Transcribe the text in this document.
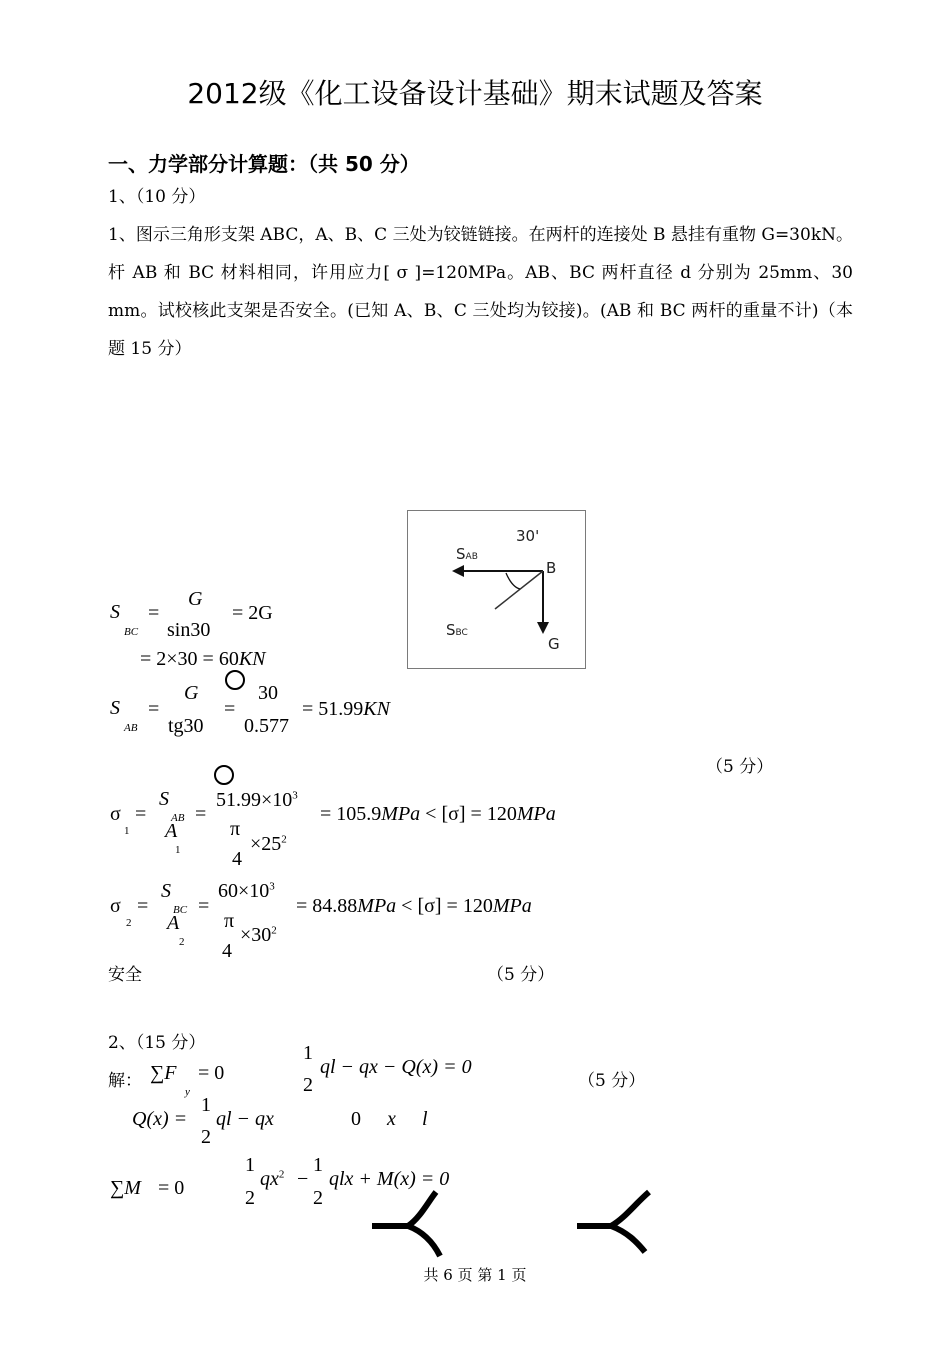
2012级《化工设备设计基础》期末试题及答案
一、力学部分计算题：（共 50 分）
1、（10 分）
1、图示三角形支架 ABC，A、B、C 三处为铰链链接。在两杆的连接处 B 悬挂有重物 G=30kN。杆 AB 和 BC 材料相同，许用应力[ σ ]=120MPa。AB、BC 两杆直径 d 分别为 25mm、30 mm。试校核此支架是否安全。(已知 A、B、C 三处均为铰接)。(AB 和 BC 两杆的重量不计)（本题 15 分）
30'
SAB
B
SBC
G
S
BC
=
G
sin30
= 2G
= 2×30 = 60KN
S
AB
=
G
tg30
=
30
0.577
= 51.99KN
（5 分）
σ
1
=
S
AB
A
1
=
$51.99\times 10^3$
π
4
$\times 25^2$
= 105.9MPa < [σ] = 120MPa
σ
2
=
S
BC
A
2
=
$60\times 10^3$
π
4
$\times 30^2$
= 84.88MPa < [σ] = 120MPa
安全	（5 分）
2、（15 分）
解： ∑F
y
= 0
1
2
ql − qx − Q(x) = 0
（5 分）
Q(x) =
1
2
ql − qx	0 x l
∑M = 0
1
2
$qx^2$ −
1
2
qlx + M(x) = 0
共 6 页 第 1 页
